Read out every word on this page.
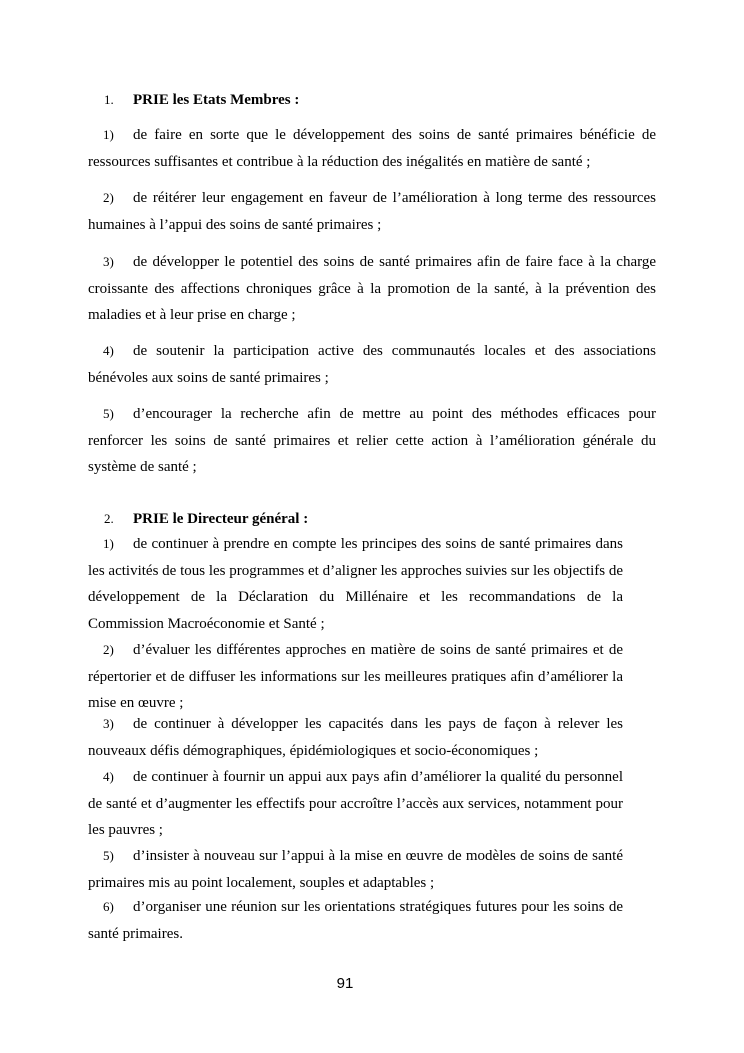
1. PRIE les Etats Membres :
1) de faire en sorte que le développement des soins de santé primaires bénéficie de ressources suffisantes et contribue à la réduction des inégalités en matière de santé ;
2) de réitérer leur engagement en faveur de l’amélioration à long terme des ressources humaines à l’appui des soins de santé primaires ;
3) de développer le potentiel des soins de santé primaires afin de faire face à la charge croissante des affections chroniques grâce à la promotion de la santé, à la prévention des maladies et à leur prise en charge ;
4) de soutenir la participation active des communautés locales et des associations bénévoles aux soins de santé primaires ;
5) d’encourager la recherche afin de mettre au point des méthodes efficaces pour renforcer les soins de santé primaires et relier cette action à l’amélioration générale du système de santé ;
2. PRIE le Directeur général :
1) de continuer à prendre en compte les principes des soins de santé primaires dans les activités de tous les programmes et d’aligner les approches suivies sur les objectifs de développement de la Déclaration du Millénaire et les recommandations de la Commission Macroéconomie et Santé ;
2) d’évaluer les différentes approches en matière de soins de santé primaires et de répertorier et de diffuser les informations sur les meilleures pratiques afin d’améliorer la mise en œuvre ;
3) de continuer à développer les capacités dans les pays de façon à relever les nouveaux défis démographiques, épidémiologiques et socio-économiques ;
4) de continuer à fournir un appui aux pays afin d’améliorer la qualité du personnel de santé et d’augmenter les effectifs pour accroître l’accès aux services, notamment pour les pauvres ;
5) d’insister à nouveau sur l’appui à la mise en œuvre de modèles de soins de santé primaires mis au point localement, souples et adaptables ;
6) d’organiser une réunion sur les orientations stratégiques futures pour les soins de santé primaires.
91
